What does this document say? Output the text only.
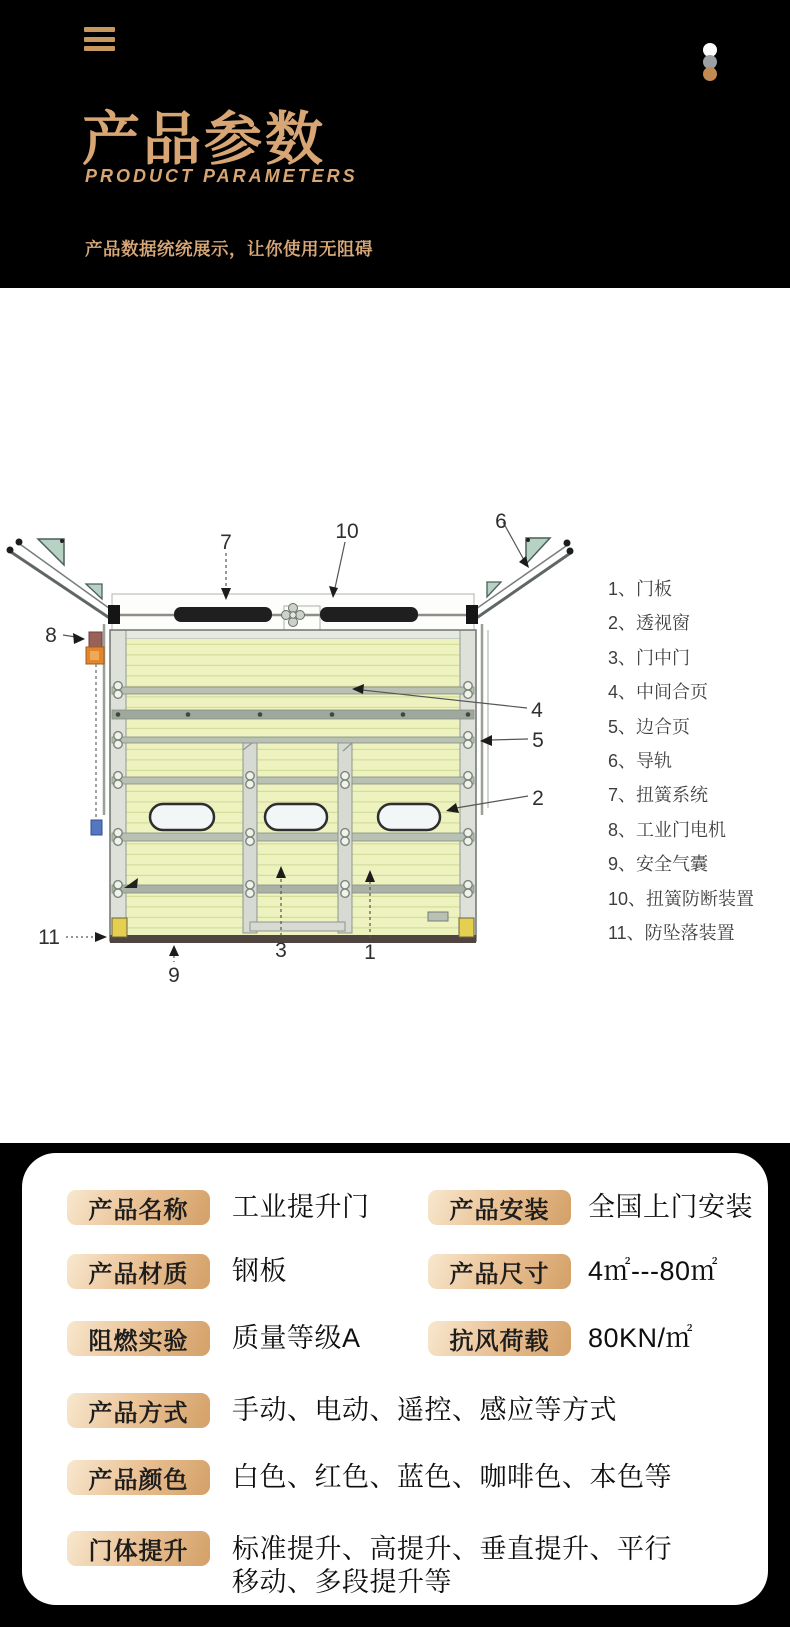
产品参数
PRODUCT PARAMETERS
产品数据统统展示，让你使用无阻碍
7	10	6
8
4
5
2
11
9
3	1
1、门板
2、透视窗
3、门中门
4、中间合页
5、边合页
6、导轨
7、扭簧系统
8、工业门电机
9、安全气囊
10、扭簧防断装置
11、防坠落装置
产品名称	工业提升门	产品安装	全国上门安装
产品材质	钢板	产品尺寸	4㎡---80㎡
阻燃实验	质量等级A	抗风荷载	80KN/㎡
产品方式	手动、电动、遥控、感应等方式
产品颜色	白色、红色、蓝色、咖啡色、本色等
门体提升	标准提升、高提升、垂直提升、平行移动、多段提升等
